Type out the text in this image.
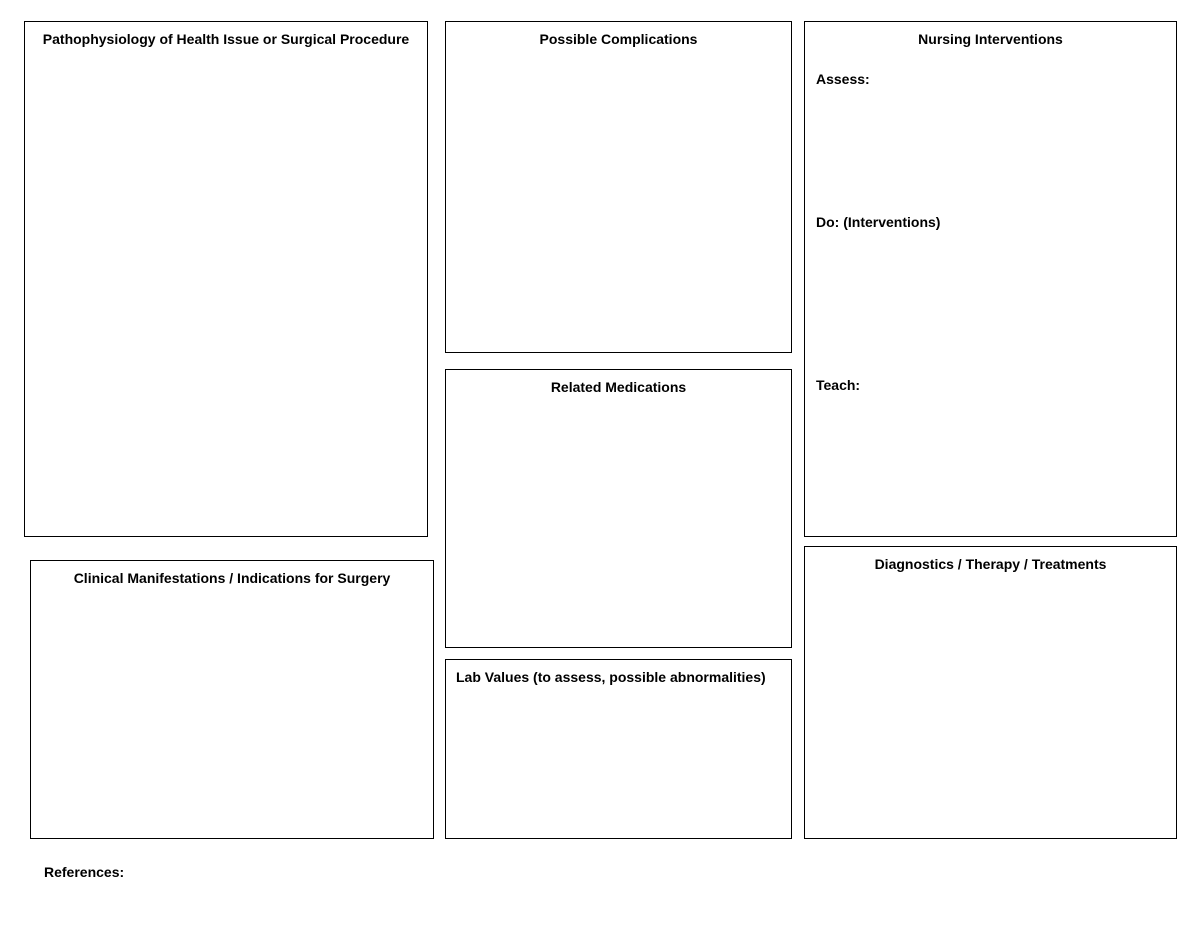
Pathophysiology of Health Issue or Surgical Procedure	Possible Complications	Nursing Interventions
Assess:
Do: (Interventions)
Teach:
Related Medications
Clinical Manifestations / Indications for Surgery
Diagnostics / Therapy / Treatments
Lab Values (to assess, possible abnormalities)
References:
